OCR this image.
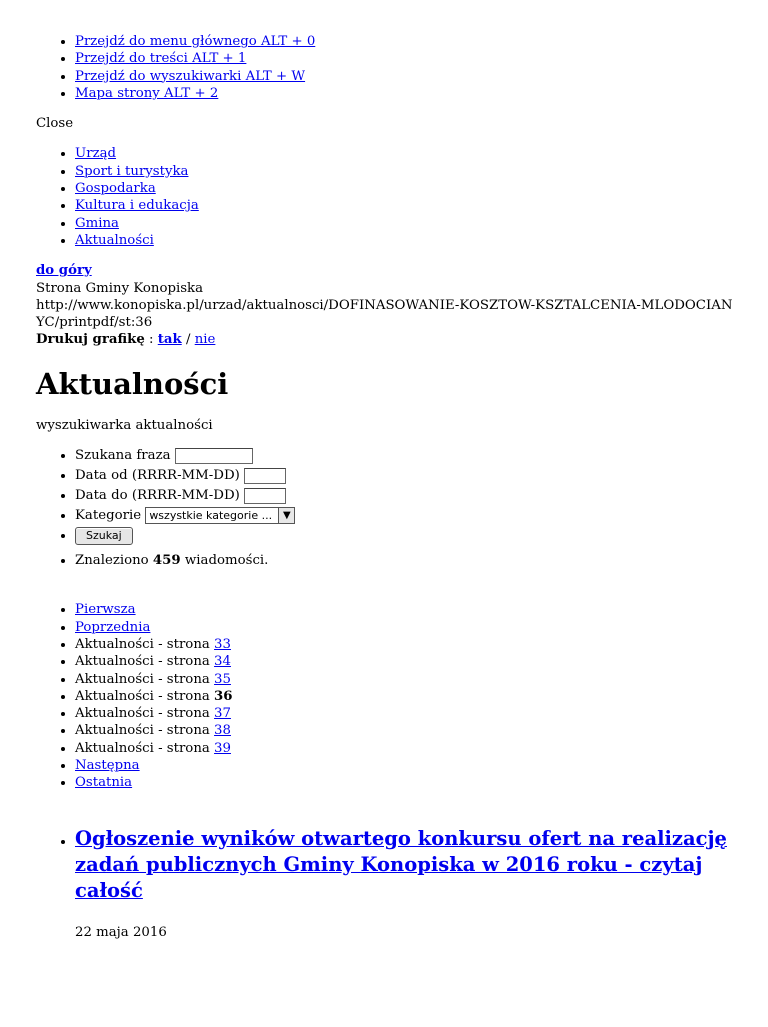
• Przejdź do menu głównego ALT + 0
• Przejdź do treści ALT + 1
• Przejdź do wyszukiwarki ALT + W
• Mapa strony ALT + 2
Close
• Urząd
• Sport i turystyka
• Gospodarka
• Kultura i edukacja
• Gmina
• Aktualności
do góry
Strona Gminy Konopiska
http://www.konopiska.pl/urzad/aktualnosci/DOFINASOWANIE-KOSZTOW-KSZTALCENIA-MLODOCIANYC/printpdf/st:36
Drukuj grafikę : tak / nie
Aktualności
wyszukiwarka aktualności
• Szukana fraza
• Data od (RRRR-MM-DD)
• Data do (RRRR-MM-DD)
• Kategorie wszystkie kategorie ...	▼
• Szukaj
• Znaleziono 459 wiadomości.
• Pierwsza
• Poprzednia
• Aktualności - strona 33
• Aktualności - strona 34
• Aktualności - strona 35
• Aktualności - strona 36
• Aktualności - strona 37
• Aktualności - strona 38
• Aktualności - strona 39
• Następna
• Ostatnia
• Ogłoszenie wyników otwartego konkursu ofert na realizację zadań publicznych Gminy Konopiska w 2016 roku - czytaj całość
22 maja 2016
